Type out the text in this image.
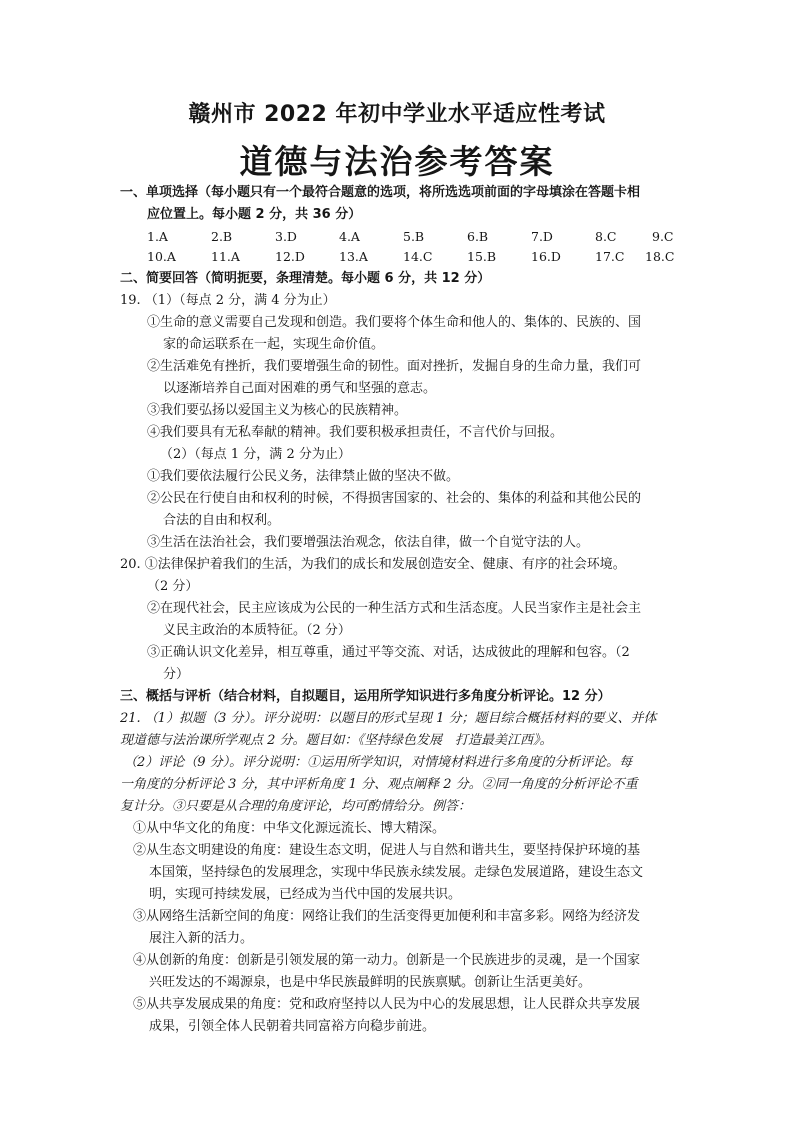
赣州市 2022 年初中学业水平适应性考试
道德与法治参考答案
一、单项选择（每小题只有一个最符合题意的选项，将所选选项前面的字母填涂在答题卡相
应位置上。每小题 2 分，共 36 分）
1.A	2.B	3.D	4.A	5.B	6.B	7.D	8.C	9.C
10.A	11.A	12.D	13.A	14.C	15.B	16.D	17.C 18.C
二、简要回答（简明扼要，条理清楚。每小题 6 分，共 12 分）
19. （1）（每点 2 分，满 4 分为止）
①生命的意义需要自己发现和创造。我们要将个体生命和他人的、集体的、民族的、国
家的命运联系在一起，实现生命价值。
②生活难免有挫折，我们要增强生命的韧性。面对挫折，发掘自身的生命力量，我们可
以逐渐培养自己面对困难的勇气和坚强的意志。
③我们要弘扬以爱国主义为核心的民族精神。
④我们要具有无私奉献的精神。我们要积极承担责任，不言代价与回报。
（2）（每点 1 分，满 2 分为止）
①我们要依法履行公民义务，法律禁止做的坚决不做。
②公民在行使自由和权利的时候，不得损害国家的、社会的、集体的利益和其他公民的
合法的自由和权利。
③生活在法治社会，我们要增强法治观念，依法自律，做一个自觉守法的人。
20. ①法律保护着我们的生活，为我们的成长和发展创造安全、健康、有序的社会环境。
（2 分）
②在现代社会，民主应该成为公民的一种生活方式和生活态度。人民当家作主是社会主
义民主政治的本质特征。（2 分）
③正确认识文化差异，相互尊重，通过平等交流、对话，达成彼此的理解和包容。（2
分）
三、概括与评析（结合材料，自拟题目，运用所学知识进行多角度分析评论。12 分）
21. （1）拟题（3 分）。评分说明：以题目的形式呈现 1 分；题目综合概括材料的要义、并体
现道德与法治课所学观点 2 分。题目如：《坚持绿色发展　打造最美江西》。
（2）评论（9 分）。评分说明：①运用所学知识，对情境材料进行多角度的分析评论。每
一角度的分析评论 3 分，其中评析角度 1 分、观点阐释 2 分。②同一角度的分析评论不重
复计分。③只要是从合理的角度评论，均可酌情给分。例答：
①从中华文化的角度：中华文化源远流长、博大精深。
②从生态文明建设的角度：建设生态文明，促进人与自然和谐共生，要坚持保护环境的基
本国策，坚持绿色的发展理念，实现中华民族永续发展。走绿色发展道路，建设生态文
明，实现可持续发展，已经成为当代中国的发展共识。
③从网络生活新空间的角度：网络让我们的生活变得更加便利和丰富多彩。网络为经济发
展注入新的活力。
④从创新的角度：创新是引领发展的第一动力。创新是一个民族进步的灵魂，是一个国家
兴旺发达的不竭源泉，也是中华民族最鲜明的民族禀赋。创新让生活更美好。
⑤从共享发展成果的角度：党和政府坚持以人民为中心的发展思想，让人民群众共享发展
成果，引领全体人民朝着共同富裕方向稳步前进。
